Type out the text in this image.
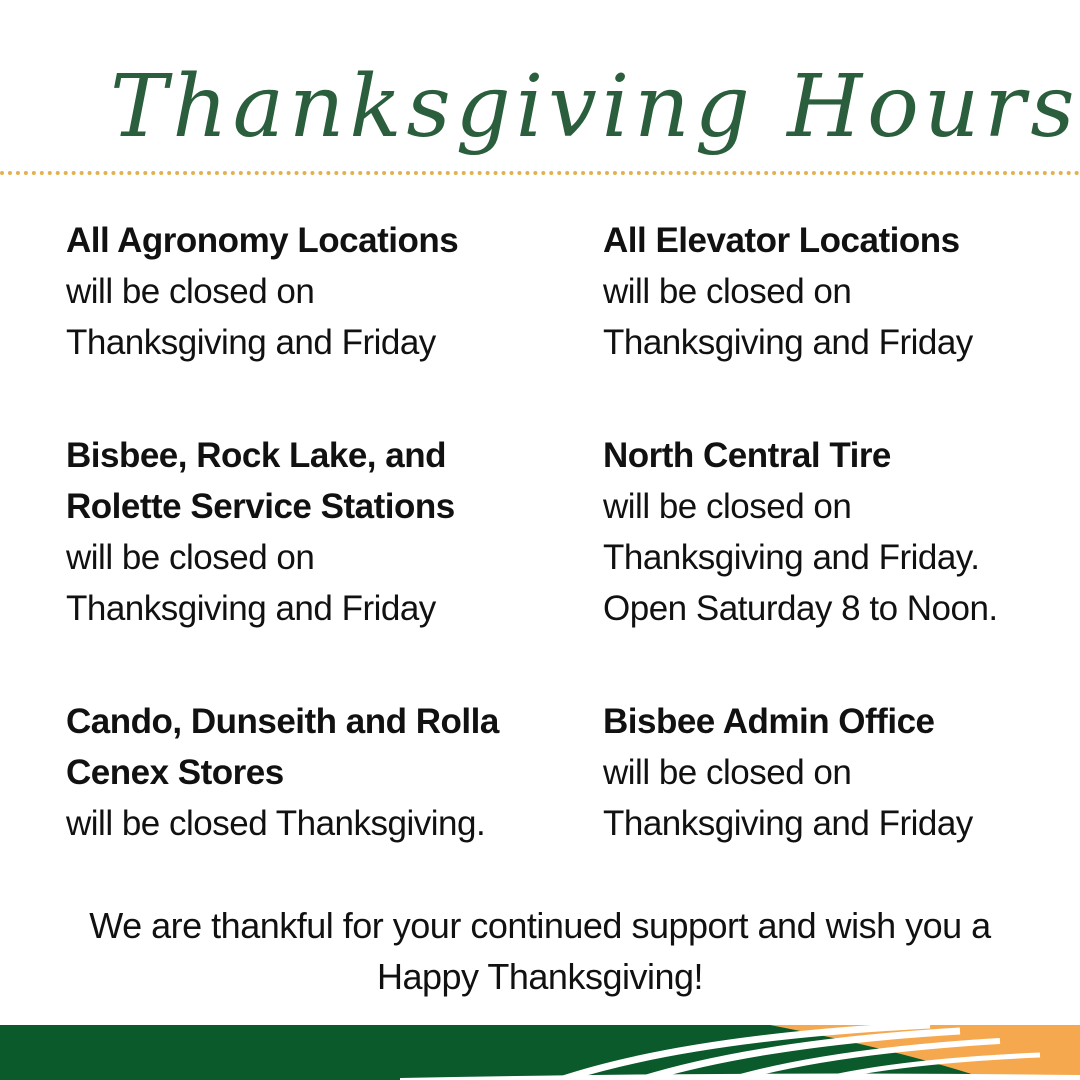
Thanksgiving Hours
All Agronomy Locations
will be closed on
Thanksgiving and Friday
All Elevator Locations
will be closed on
Thanksgiving and Friday
Bisbee, Rock Lake, and
Rolette Service Stations
will be closed on
Thanksgiving and Friday
North Central Tire
will be closed on
Thanksgiving and Friday.
Open Saturday 8 to Noon.
Cando, Dunseith and Rolla
Cenex Stores
will be closed Thanksgiving.
Bisbee Admin Office
will be closed on
Thanksgiving and Friday
We are thankful for your continued support and wish you a
Happy Thanksgiving!
